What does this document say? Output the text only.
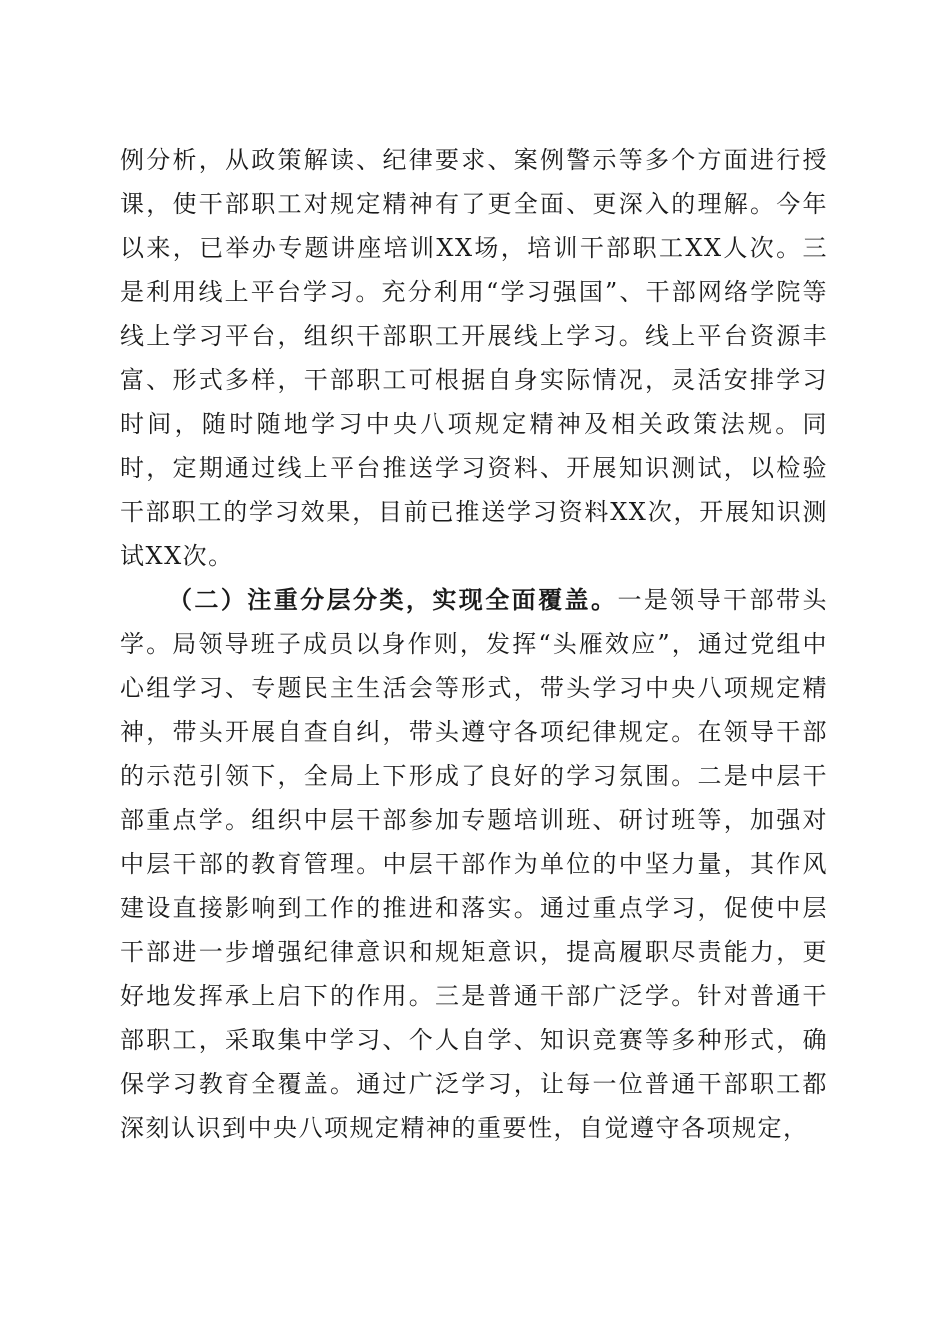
例分析，从政策解读、纪律要求、案例警示等多个方面进行授课，使干部职工对规定精神有了更全面、更深入的理解。今年以来，已举办专题讲座培训XX场，培训干部职工XX人次。三是利用线上平台学习。充分利用“学习强国”、干部网络学院等线上学习平台，组织干部职工开展线上学习。线上平台资源丰富、形式多样，干部职工可根据自身实际情况，灵活安排学习时间，随时随地学习中央八项规定精神及相关政策法规。同时，定期通过线上平台推送学习资料、开展知识测试，以检验干部职工的学习效果，目前已推送学习资料XX次，开展知识测试XX次。

（二）注重分层分类，实现全面覆盖。一是领导干部带头学。局领导班子成员以身作则，发挥“头雁效应”，通过党组中心组学习、专题民主生活会等形式，带头学习中央八项规定精神，带头开展自查自纠，带头遵守各项纪律规定。在领导干部的示范引领下，全局上下形成了良好的学习氛围。二是中层干部重点学。组织中层干部参加专题培训班、研讨班等，加强对中层干部的教育管理。中层干部作为单位的中坚力量，其作风建设直接影响到工作的推进和落实。通过重点学习，促使中层干部进一步增强纪律意识和规矩意识，提高履职尽责能力，更好地发挥承上启下的作用。三是普通干部广泛学。针对普通干部职工，采取集中学习、个人自学、知识竞赛等多种形式，确保学习教育全覆盖。通过广泛学习，让每一位普通干部职工都深刻认识到中央八项规定精神的重要性，自觉遵守各项规定，
